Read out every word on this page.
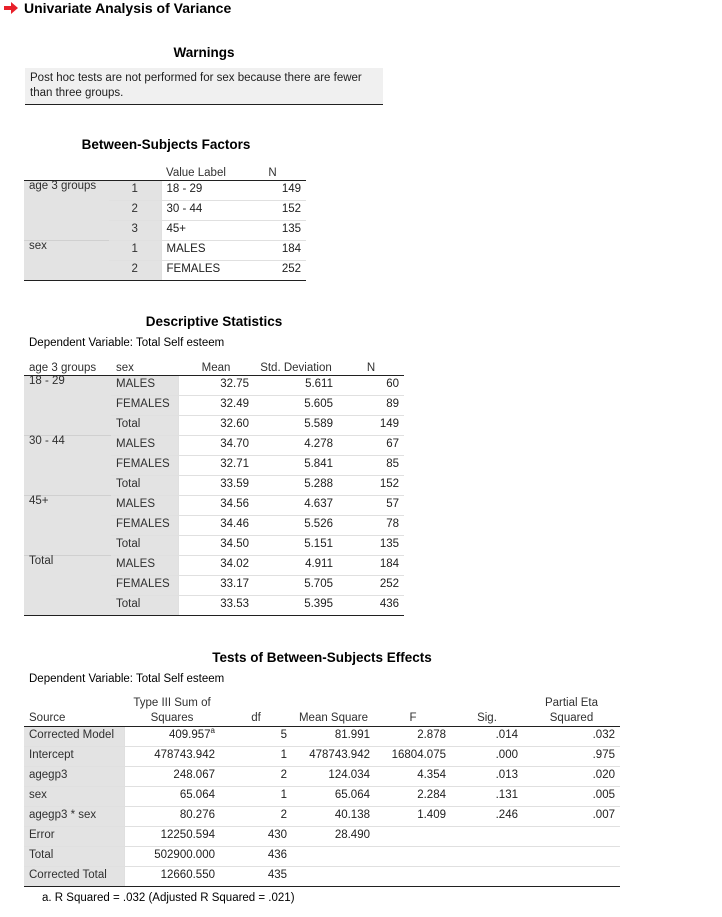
Univariate Analysis of Variance
Warnings
Post hoc tests are not performed for sex because there are fewer than three groups.
Between-Subjects Factors
		Value Label	N
age 3 groups	1	18 - 29	149
	2	30 - 44	152
	3	45+	135
sex	1	MALES	184
	2	FEMALES	252
Descriptive Statistics
Dependent Variable: Total Self esteem
age 3 groups	sex	Mean	Std. Deviation	N
18 - 29	MALES	32.75	5.611	60
	FEMALES	32.49	5.605	89
	Total	32.60	5.589	149
30 - 44	MALES	34.70	4.278	67
	FEMALES	32.71	5.841	85
	Total	33.59	5.288	152
45+	MALES	34.56	4.637	57
	FEMALES	34.46	5.526	78
	Total	34.50	5.151	135
Total	MALES	34.02	4.911	184
	FEMALES	33.17	5.705	252
	Total	33.53	5.395	436
Tests of Between-Subjects Effects
Dependent Variable: Total Self esteem
Source	Type III Sum of Squares	df	Mean Square	F	Sig.	Partial Eta Squared
Corrected Model	409.957$^a$	5	81.991	2.878	.014	.032
Intercept	478743.942	1	478743.942	16804.075	.000	.975
agegp3	248.067	2	124.034	4.354	.013	.020
sex	65.064	1	65.064	2.284	.131	.005
agegp3 * sex	80.276	2	40.138	1.409	.246	.007
Error	12250.594	430	28.490			
Total	502900.000	436				
Corrected Total	12660.550	435				
a. R Squared = .032 (Adjusted R Squared = .021)
